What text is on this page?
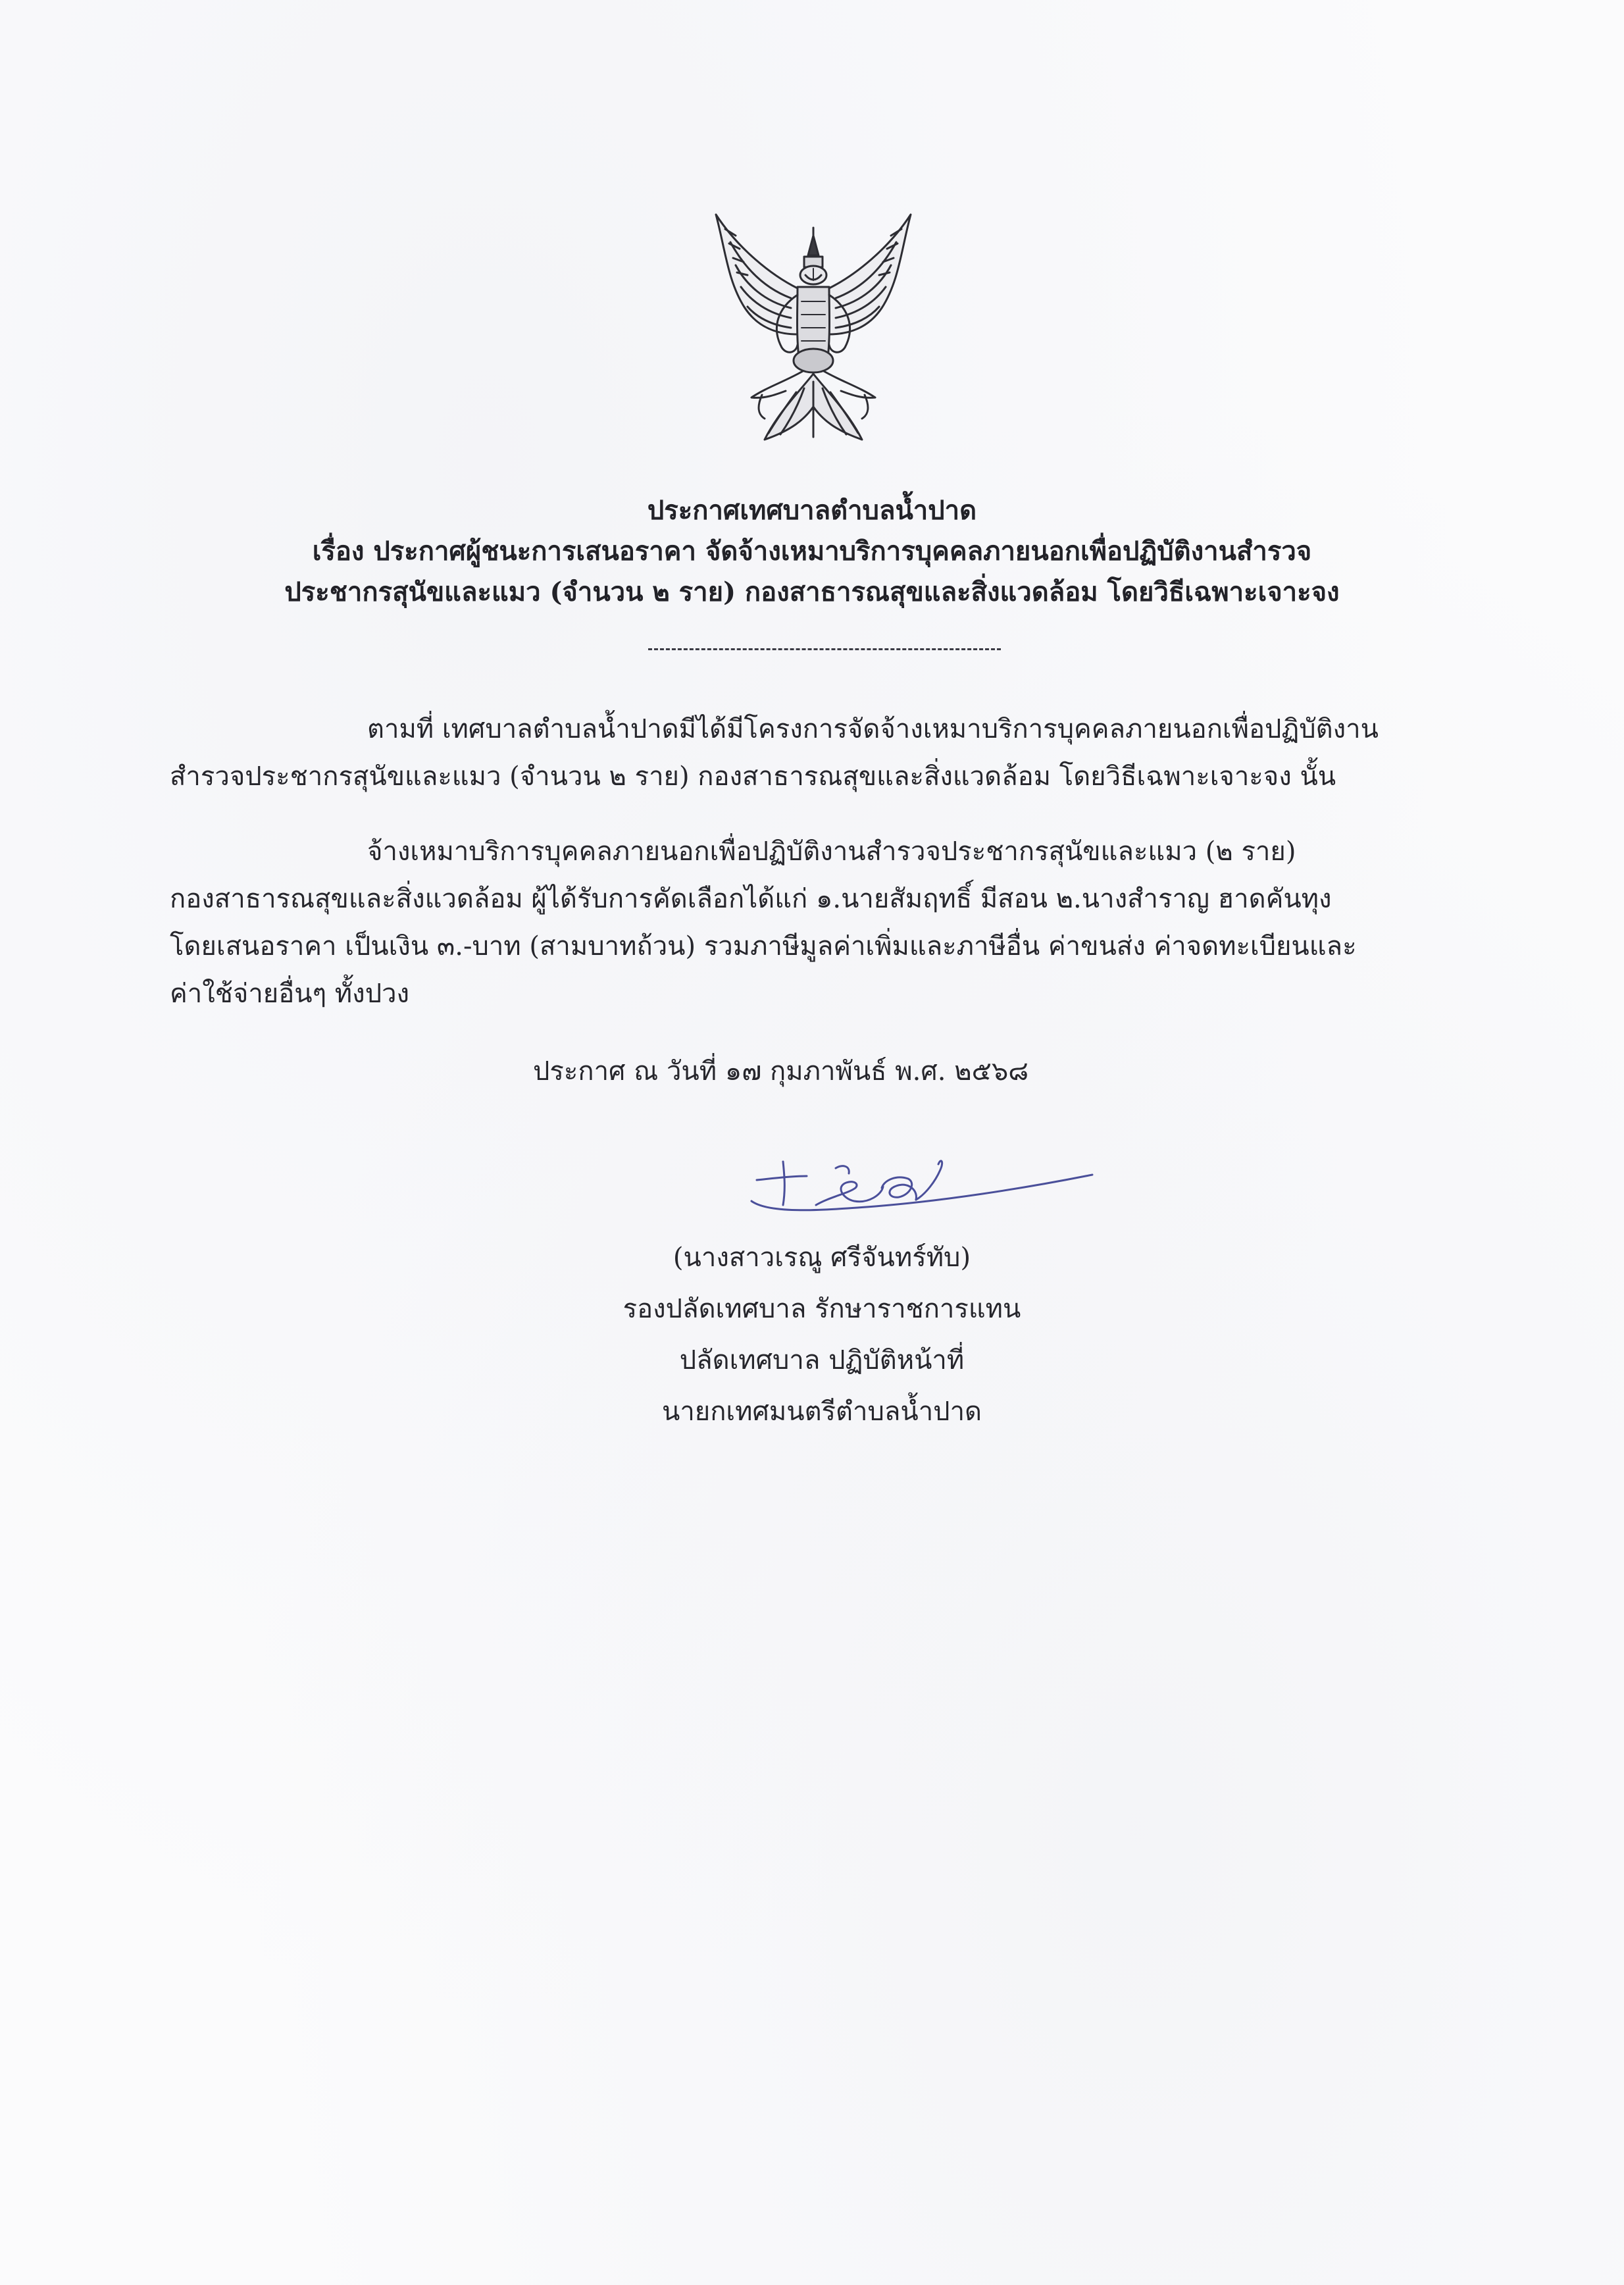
ประกาศเทศบาลตำบลน้ำปาด
เรื่อง ประกาศผู้ชนะการเสนอราคา จัดจ้างเหมาบริการบุคคลภายนอกเพื่อปฏิบัติงานสำรวจ
ประชากรสุนัขและแมว (จำนวน ๒ ราย) กองสาธารณสุขและสิ่งแวดล้อม โดยวิธีเฉพาะเจาะจง
ตามที่ เทศบาลตำบลน้ำปาดมีได้มีโครงการจัดจ้างเหมาบริการบุคคลภายนอกเพื่อปฏิบัติงาน
สำรวจประชากรสุนัขและแมว (จำนวน ๒ ราย) กองสาธารณสุขและสิ่งแวดล้อม โดยวิธีเฉพาะเจาะจง นั้น
จ้างเหมาบริการบุคคลภายนอกเพื่อปฏิบัติงานสำรวจประชากรสุนัขและแมว (๒ ราย)
กองสาธารณสุขและสิ่งแวดล้อม ผู้ได้รับการคัดเลือกได้แก่ ๑.นายสัมฤทธิ์ มีสอน ๒.นางสำราญ ฮาดคันทุง
โดยเสนอราคา เป็นเงิน ๓.-บาท (สามบาทถ้วน) รวมภาษีมูลค่าเพิ่มและภาษีอื่น ค่าขนส่ง ค่าจดทะเบียนและ
ค่าใช้จ่ายอื่นๆ ทั้งปวง
ประกาศ ณ วันที่ ๑๗ กุมภาพันธ์ พ.ศ. ๒๕๖๘
(นางสาวเรณู ศรีจันทร์ทับ)
รองปลัดเทศบาล รักษาราชการแทน
ปลัดเทศบาล ปฏิบัติหน้าที่
นายกเทศมนตรีตำบลน้ำปาด
